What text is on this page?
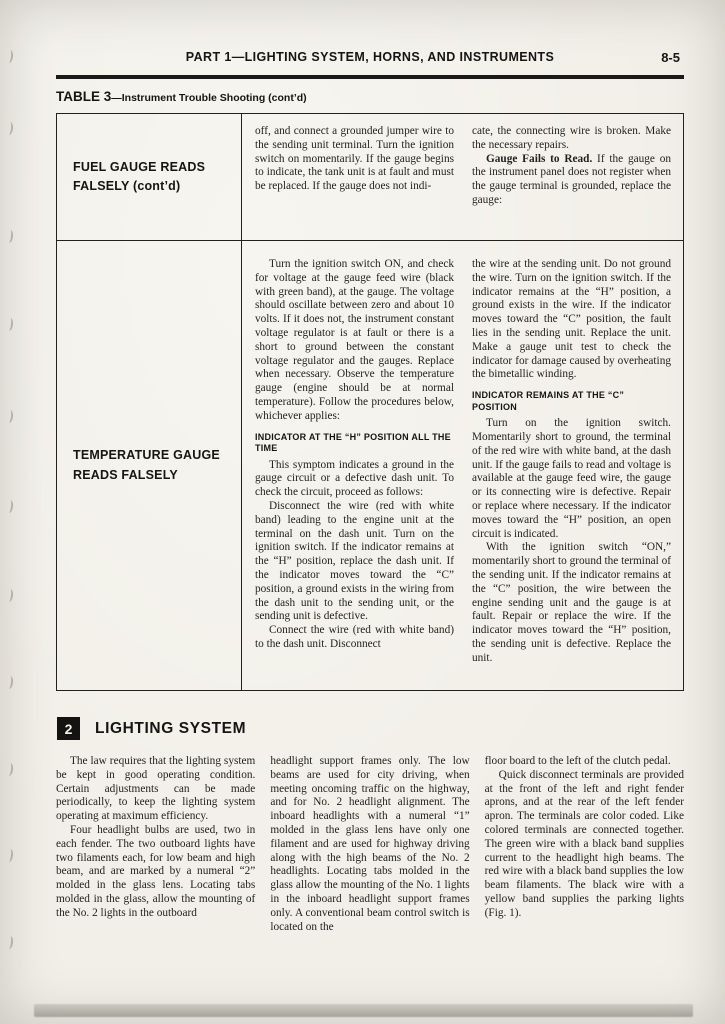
PART 1—LIGHTING SYSTEM, HORNS, AND INSTRUMENTS	8-5
TABLE 3—Instrument Trouble Shooting (cont’d)
FUEL GAUGE READS FALSELY (cont’d)

off, and connect a grounded jumper wire to the sending unit terminal. Turn the ignition switch on momentarily. If the gauge begins to indicate, the tank unit is at fault and must be replaced. If the gauge does not indi-

cate, the connecting wire is broken. Make the necessary repairs.

Gauge Fails to Read. If the gauge on the instrument panel does not register when the gauge terminal is grounded, replace the gauge:

TEMPERATURE GAUGE READS FALSELY

Turn the ignition switch ON, and check for voltage at the gauge feed wire (black with green band), at the gauge. The voltage should oscillate between zero and about 10 volts. If it does not, the instrument constant voltage regulator is at fault or there is a short to ground between the constant voltage regulator and the gauges. Replace when necessary. Observe the temperature gauge (engine should be at normal temperature). Follow the procedures below, whichever applies:

INDICATOR AT THE “H” POSITION ALL THE TIME

This symptom indicates a ground in the gauge circuit or a defective dash unit. To check the circuit, proceed as follows:

Disconnect the wire (red with white band) leading to the engine unit at the terminal on the dash unit. Turn on the ignition switch. If the indicator remains at the “H” position, replace the dash unit. If the indicator moves toward the “C” position, a ground exists in the wiring from the dash unit to the sending unit, or the sending unit is defective.

Connect the wire (red with white band) to the dash unit. Disconnect

the wire at the sending unit. Do not ground the wire. Turn on the ignition switch. If the indicator remains at the “H” position, a ground exists in the wire. If the indicator moves toward the “C” position, the fault lies in the sending unit. Replace the unit. Make a gauge unit test to check the indicator for damage caused by overheating the bimetallic winding.

INDICATOR REMAINS AT THE “C” POSITION

Turn on the ignition switch. Momentarily short to ground, the terminal of the red wire with white band, at the dash unit. If the gauge fails to read and voltage is available at the gauge feed wire, the gauge or its connecting wire is defective. Repair or replace where necessary. If the indicator moves toward the “H” position, an open circuit is indicated.

With the ignition switch “ON,” momentarily short to ground the terminal of the sending unit. If the indicator remains at the “C” position, the wire between the engine sending unit and the gauge is at fault. Repair or replace the wire. If the indicator moves toward the “H” position, the sending unit is defective. Replace the unit.

2	LIGHTING SYSTEM

The law requires that the lighting system be kept in good operating condition. Certain adjustments can be made periodically, to keep the lighting system operating at maximum efficiency.

Four headlight bulbs are used, two in each fender. The two outboard lights have two filaments each, for low beam and high beam, and are marked by a numeral “2” molded in the glass lens. Locating tabs molded in the glass, allow the mounting of the No. 2 lights in the outboard

headlight support frames only. The low beams are used for city driving, when meeting oncoming traffic on the highway, and for No. 2 headlight alignment. The inboard headlights with a numeral “1” molded in the glass lens have only one filament and are used for highway driving along with the high beams of the No. 2 headlights. Locating tabs molded in the glass allow the mounting of the No. 1 lights in the inboard headlight support frames only. A conventional beam control switch is located on the

floor board to the left of the clutch pedal.

Quick disconnect terminals are provided at the front of the left and right fender aprons, and at the rear of the left fender apron. The terminals are color coded. Like colored terminals are connected together. The green wire with a black band supplies current to the headlight high beams. The red wire with a black band supplies the low beam filaments. The black wire with a yellow band supplies the parking lights (Fig. 1).
